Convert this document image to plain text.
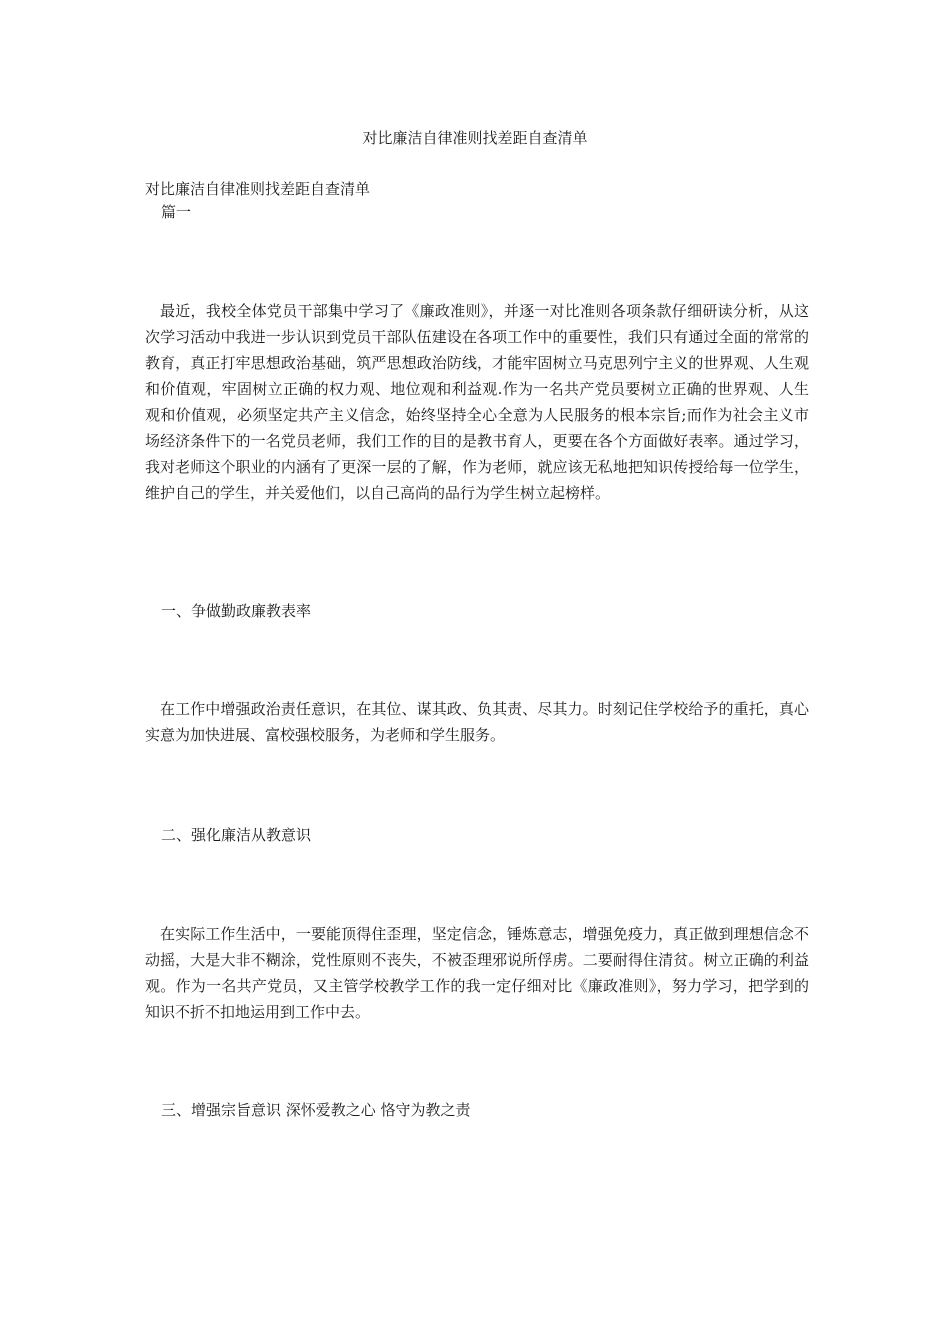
对比廉洁自律准则找差距自查清单
对比廉洁自律准则找差距自查清单
篇一

最近，我校全体党员干部集中学习了《廉政准则》，并逐一对比准则各项条款仔细研读分析，从这次学习活动中我进一步认识到党员干部队伍建设在各项工作中的重要性，我们只有通过全面的常常的教育，真正打牢思想政治基础，筑严思想政治防线，才能牢固树立马克思列宁主义的世界观、人生观和价值观，牢固树立正确的权力观、地位观和利益观.作为一名共产党员要树立正确的世界观、人生观和价值观，必须坚定共产主义信念，始终坚持全心全意为人民服务的根本宗旨;而作为社会主义市场经济条件下的一名党员老师，我们工作的目的是教书育人，更要在各个方面做好表率。通过学习，我对老师这个职业的内涵有了更深一层的了解，作为老师，就应该无私地把知识传授给每一位学生，维护自己的学生，并关爱他们，以自己高尚的品行为学生树立起榜样。

一、争做勤政廉教表率

在工作中增强政治责任意识，在其位、谋其政、负其责、尽其力。时刻记住学校给予的重托，真心实意为加快进展、富校强校服务，为老师和学生服务。

二、强化廉洁从教意识

在实际工作生活中，一要能顶得住歪理，坚定信念，锤炼意志，增强免疫力，真正做到理想信念不动摇，大是大非不糊涂，党性原则不丧失，不被歪理邪说所俘虏。二要耐得住清贫。树立正确的利益观。作为一名共产党员，又主管学校教学工作的我一定仔细对比《廉政准则》，努力学习，把学到的知识不折不扣地运用到工作中去。

三、增强宗旨意识 深怀爱教之心 恪守为教之责
